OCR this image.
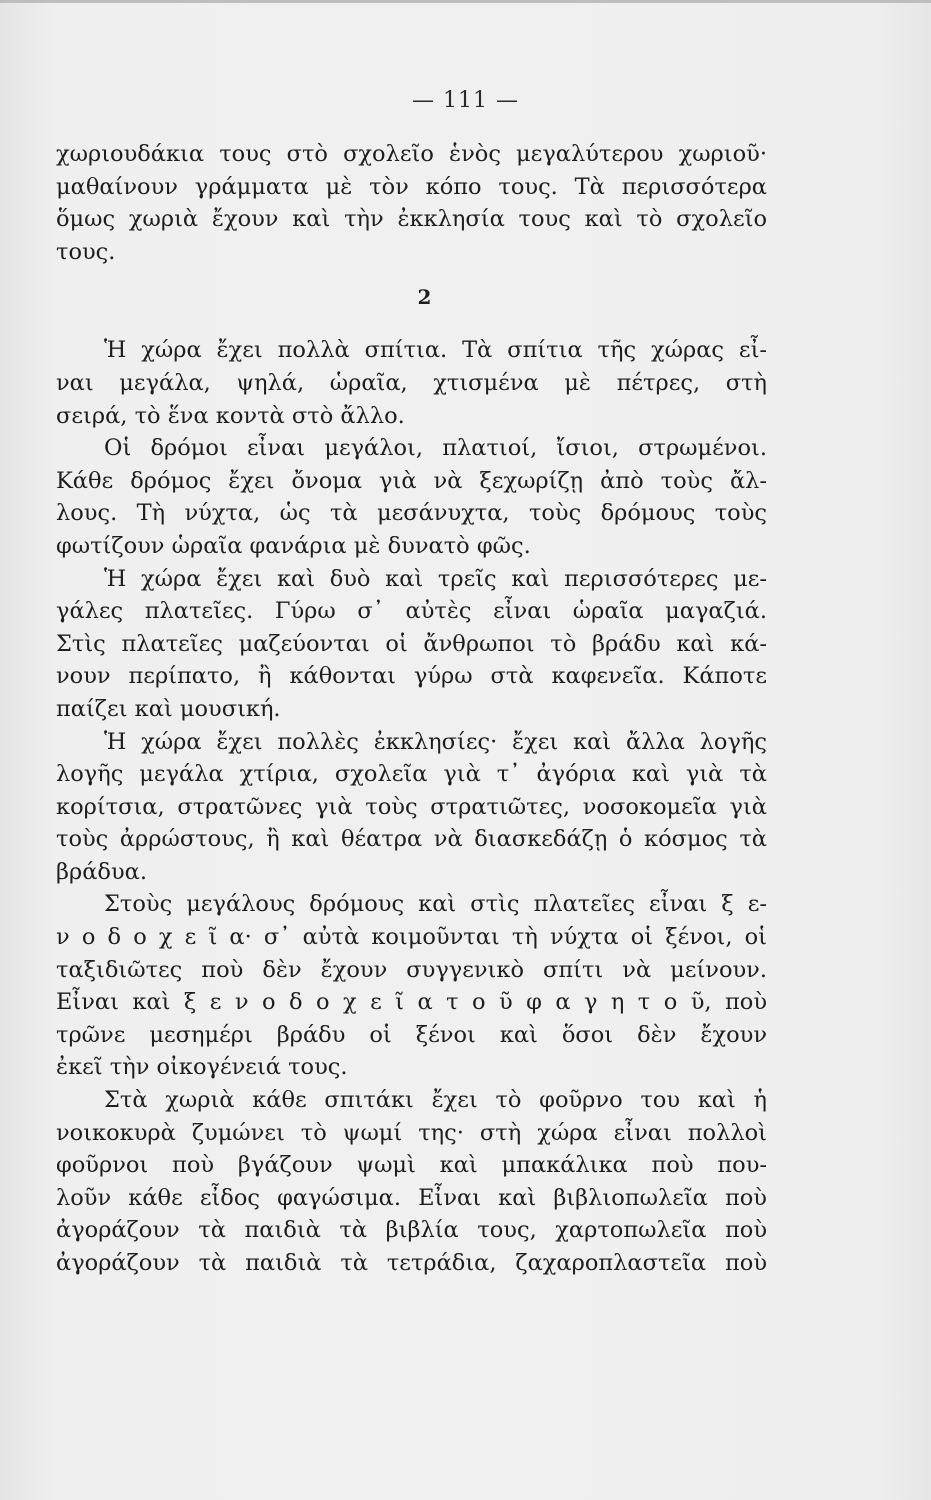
— 111 —
χωριουδάκια τους στὸ σχολεῖο ἑνὸς μεγαλύτερου χωριοῦ·
μαθαίνουν γράμματα μὲ τὸν κόπο τους. Τὰ περισσότερα
ὅμως χωριὰ ἔχουν καὶ τὴν ἐκκλησία τους καὶ τὸ σχολεῖο
τους.
2
Ἡ χώρα ἔχει πολλὰ σπίτια. Τὰ σπίτια τῆς χώρας εἶ-
ναι μεγάλα, ψηλά, ὡραῖα, χτισμένα μὲ πέτρες, στὴ
σειρά, τὸ ἕνα κοντὰ στὸ ἄλλο.
Οἱ δρόμοι εἶναι μεγάλοι, πλατιοί, ἴσιοι, στρωμένοι.
Κάθε δρόμος ἔχει ὄνομα γιὰ νὰ ξεχωρίζῃ ἀπὸ τοὺς ἄλ-
λους. Τὴ νύχτα, ὡς τὰ μεσάνυχτα, τοὺς δρόμους τοὺς
φωτίζουν ὡραῖα φανάρια μὲ δυνατὸ φῶς.
Ἡ χώρα ἔχει καὶ δυὸ καὶ τρεῖς καὶ περισσότερες με-
γάλες πλατεῖες. Γύρω σ᾽ αὐτὲς εἶναι ὡραῖα μαγαζιά.
Στὶς πλατεῖες μαζεύονται οἱ ἄνθρωποι τὸ βράδυ καὶ κά-
νουν περίπατο, ἢ κάθονται γύρω στὰ καφενεῖα. Κάποτε
παίζει καὶ μουσική.
Ἡ χώρα ἔχει πολλὲς ἐκκλησίες· ἔχει καὶ ἄλλα λογῆς
λογῆς μεγάλα χτίρια, σχολεῖα γιὰ τ᾽ ἀγόρια καὶ γιὰ τὰ
κορίτσια, στρατῶνες γιὰ τοὺς στρατιῶτες, νοσοκομεῖα γιὰ
τοὺς ἀρρώστους, ἢ καὶ θέατρα νὰ διασκεδάζῃ ὁ κόσμος τὰ
βράδυα.
Στοὺς μεγάλους δρόμους καὶ στὶς πλατεῖες εἶναι ξ ε-
ν ο δ ο χ ε ῖ α· σ᾽ αὐτὰ κοιμοῦνται τὴ νύχτα οἱ ξένοι, οἱ
ταξιδιῶτες ποὺ δὲν ἔχουν συγγενικὸ σπίτι νὰ μείνουν.
Εἶναι καὶ ξ ε ν ο δ ο χ ε ῖ α τ ο ῦ φ α γ η τ ο ῦ, ποὺ
τρῶνε μεσημέρι βράδυ οἱ ξένοι καὶ ὅσοι δὲν ἔχουν
ἐκεῖ τὴν οἰκογένειά τους.
Στὰ χωριὰ κάθε σπιτάκι ἔχει τὸ φοῦρνο του καὶ ἡ
νοικοκυρὰ ζυμώνει τὸ ψωμί της· στὴ χώρα εἶναι πολλοὶ
φοῦρνοι ποὺ βγάζουν ψωμὶ καὶ μπακάλικα ποὺ που-
λοῦν κάθε εἶδος φαγώσιμα. Εἶναι καὶ βιβλιοπωλεῖα ποὺ
ἀγοράζουν τὰ παιδιὰ τὰ βιβλία τους, χαρτοπωλεῖα ποὺ
ἀγοράζουν τὰ παιδιὰ τὰ τετράδια, ζαχαροπλαστεῖα ποὺ
